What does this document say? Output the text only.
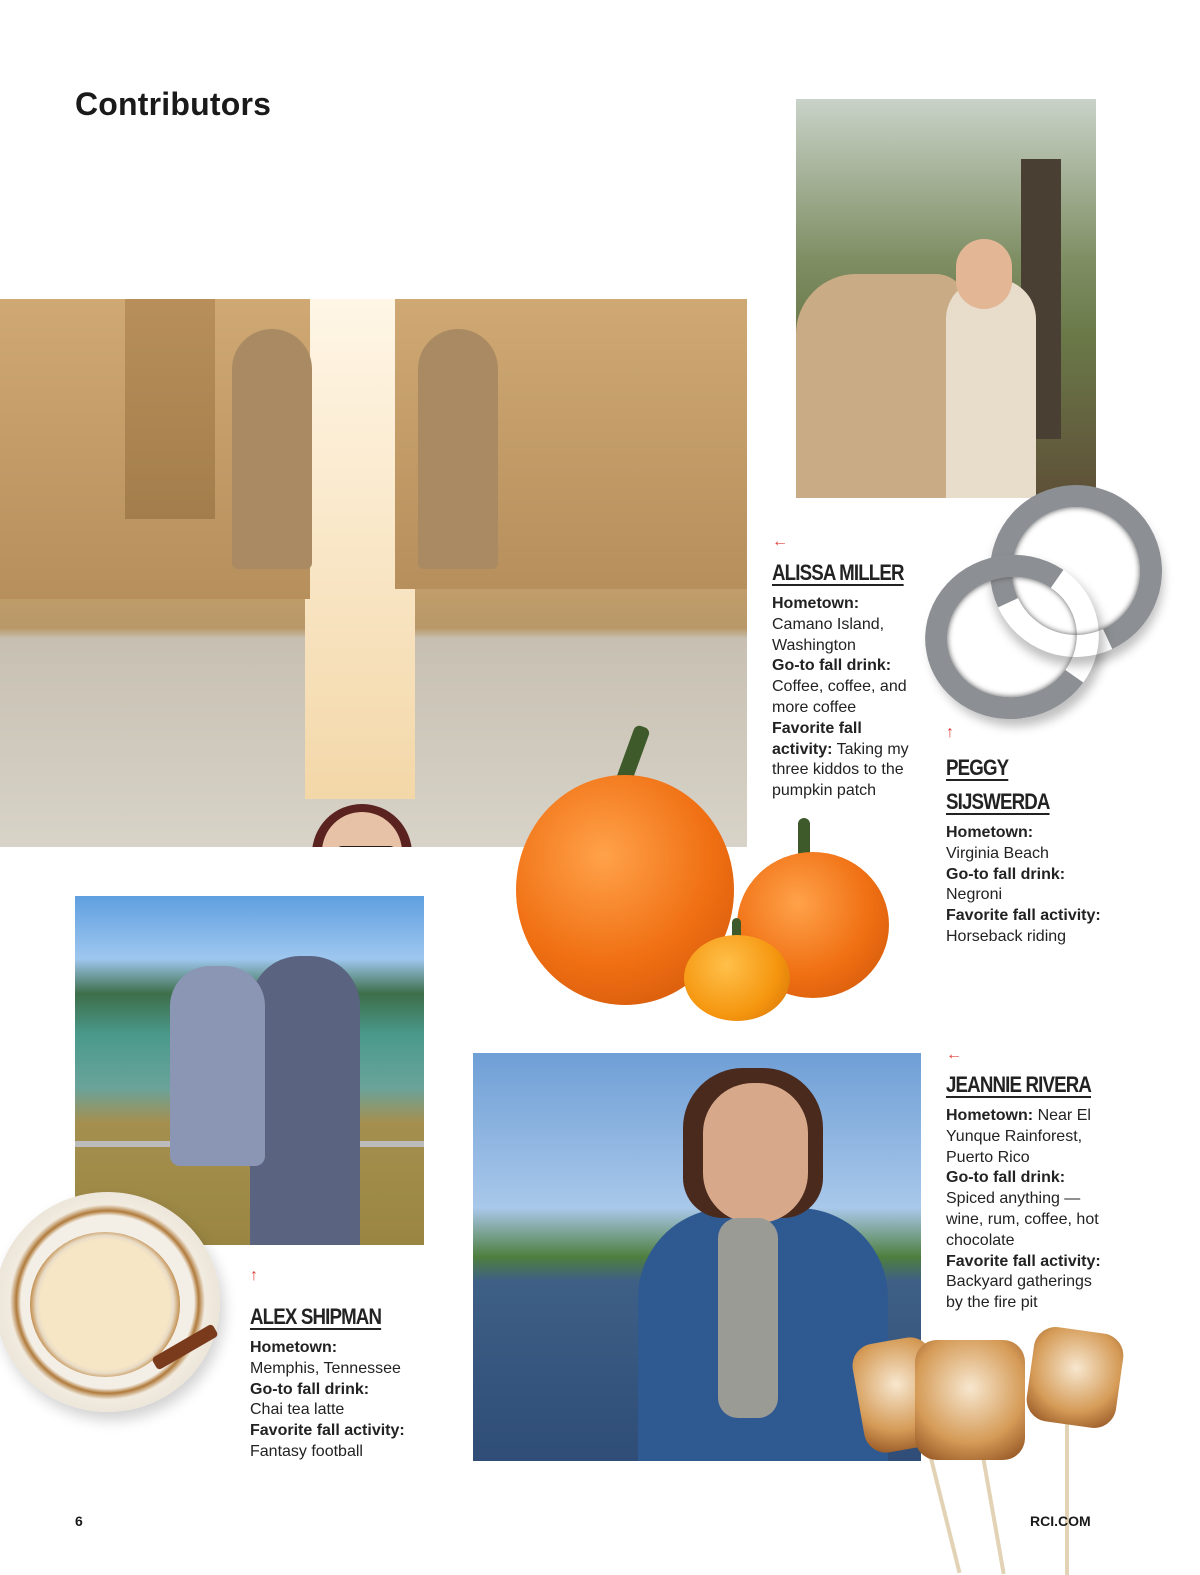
Contributors
←
ALISSA MILLER
Hometown:
Camano Island, Washington
Go-to fall drink:
Coffee, coffee, and more coffee
Favorite fall activity: Taking my three kiddos to the pumpkin patch
↑
PEGGY SIJSWERDA
Hometown:
Virginia Beach
Go-to fall drink: Negroni
Favorite fall activity:
Horseback riding
↑
ALEX SHIPMAN
Hometown:
Memphis, Tennessee
Go-to fall drink:
Chai tea latte
Favorite fall activity:
Fantasy football
←
JEANNIE RIVERA
Hometown: Near El Yunque Rainforest, Puerto Rico
Go-to fall drink:
Spiced anything — wine, rum, coffee, hot chocolate
Favorite fall activity:
Backyard gatherings by the fire pit
6	RCI.COM
